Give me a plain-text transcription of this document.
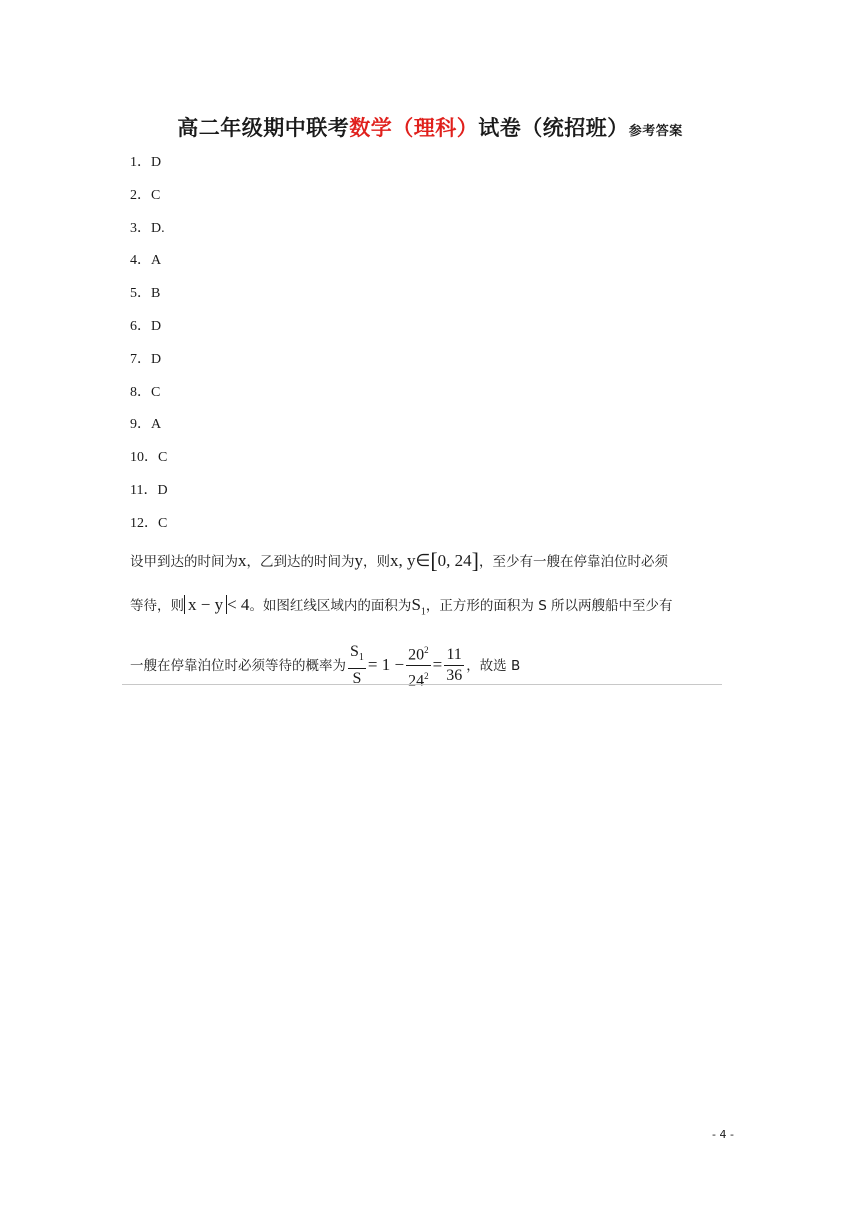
高二年级期中联考数学（理科）试卷（统招班）参考答案
1．D
2．C
3．D.
4．A
5．B
6．D
7．D
8．C
9．A
10．C
11．D
12．C
设甲到达的时间为x，乙到达的时间为y，则x, y∈[0, 24]，至少有一艘在停靠泊位时必须
等待，则 x − y < 4。如图红线区域内的面积为$S_1$，正方形的面积为 S 所以两艘船中至少有
一艘在停靠泊位时必须等待的概率为 $\frac{S_1}{S} = 1 - \frac{20^2}{24^2} = \frac{11}{36}$ ，故选 B
- 4 -
